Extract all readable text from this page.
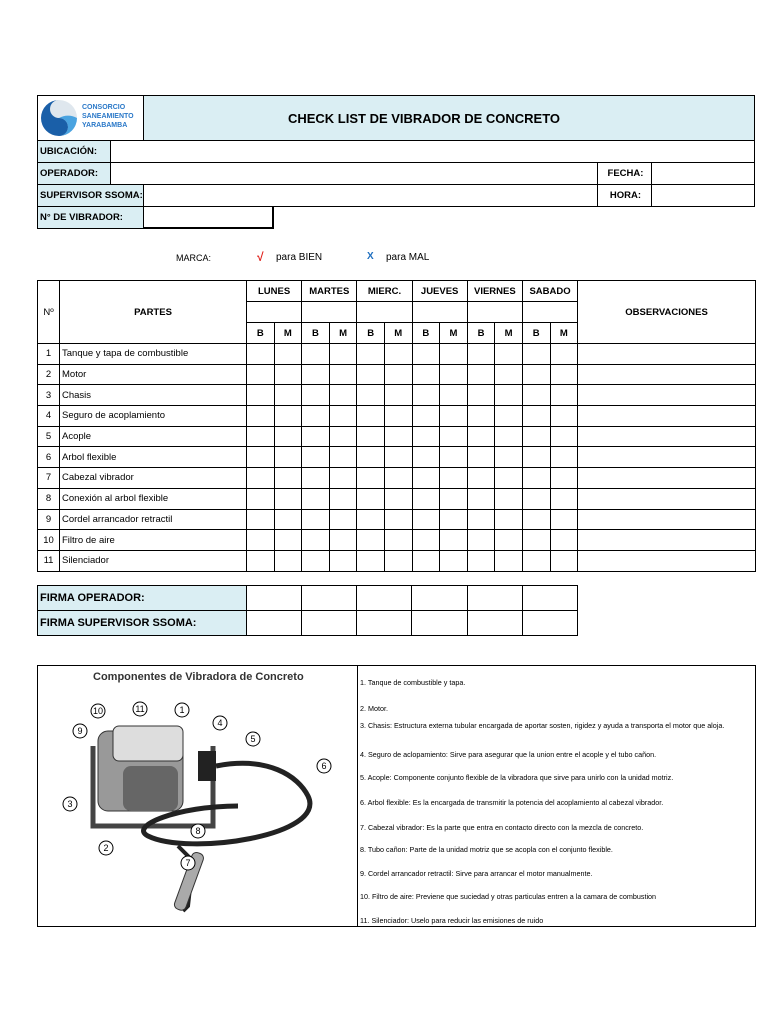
CONSORCIO
SANEAMIENTO
YARABAMBA	CHECK LIST DE VIBRADOR DE CONCRETO
UBICACIÓN:
OPERADOR:	FECHA:
SUPERVISOR SSOMA:	HORA:
N° DE VIBRADOR:
MARCA:	√ para BIEN	X para MAL
Nº	PARTES	LUNES		MARTES		MIERC.		JUEVES		VIERNES		SABADO		OBSERVACIONES

		B	M	B	M	B	M	B	M	B	M	B	M	
1	Tanque y tapa de combustible													
2	Motor													
3	Chasis													
4	Seguro de acoplamiento													
5	Acople													
6	Arbol flexible													
7	Cabezal vibrador													
8	Conexión al arbol flexible													
9	Cordel arrancador retractil													
10	Filtro de aire													
11	Silenciador													
FIRMA OPERADOR:						
FIRMA SUPERVISOR SSOMA:						
Componentes de Vibradora de Concreto
1
2
3
4
5
6
7
8
9
10	11
1. Tanque de combustible y tapa.
2. Motor.
3. Chasis: Estructura externa tubular encargada de aportar sosten, rigidez y ayuda a transporta el motor que aloja.
4. Seguro de aclopamiento: Sirve para asegurar que la union entre el acople y el tubo cañon.
5. Acople: Componente conjunto flexible de la vibradora que sirve para unirlo con la unidad motriz.
6. Arbol flexible: Es la encargada de transmitir la potencia del acoplamiento al cabezal vibrador.
7. Cabezal vibrador: Es la parte que entra en contacto directo con la mezcla de concreto.
8. Tubo cañon: Parte de la unidad motriz que se acopla con el conjunto flexible.
9. Cordel arrancador retractil: Sirve para arrancar el motor manualmente.
10. Filtro de aire: Previene que suciedad y otras particulas entren a la camara de combustion
11. Silenciador: Uselo para reducir las emisiones de ruido
